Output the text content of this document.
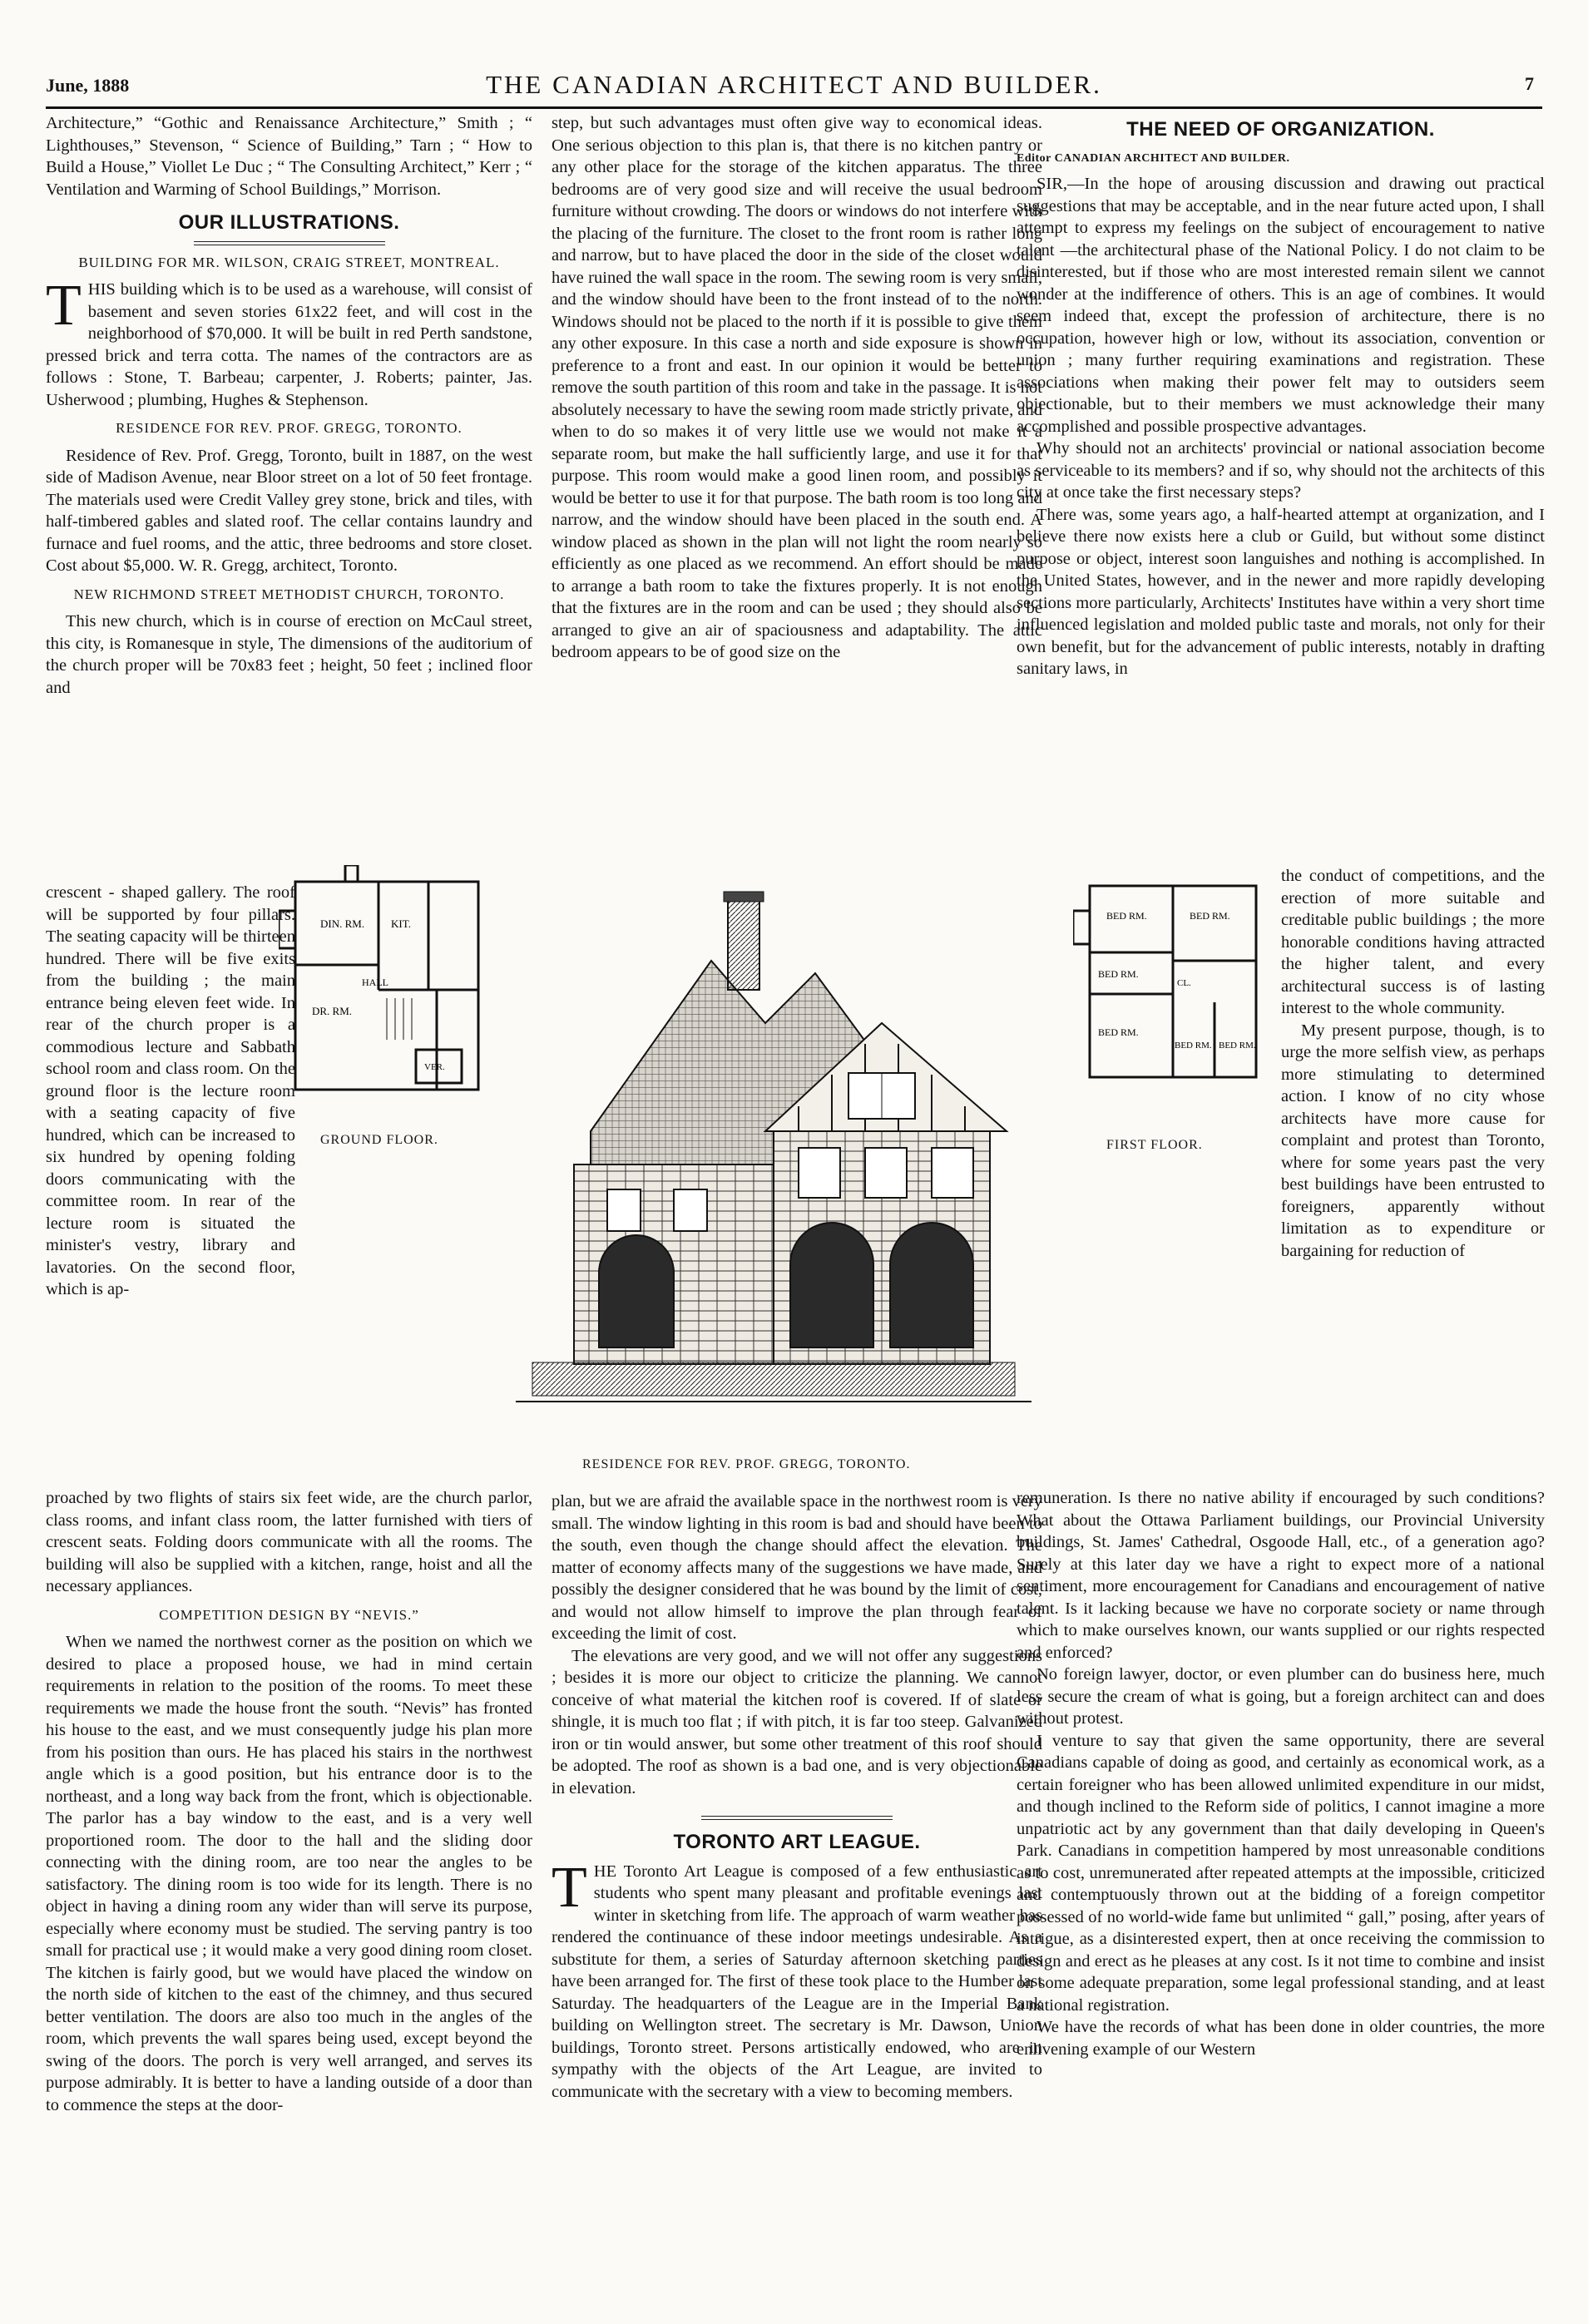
June, 1888	THE CANADIAN ARCHITECT AND BUILDER.	7

Architecture,” “Gothic and Renaissance Architecture,” Smith ; “ Lighthouses,” Stevenson, “ Science of Building,” Tarn ; “ How to Build a House,” Viollet Le Duc ; “ The Consulting Architect,” Kerr ; “ Ventilation and Warming of School Buildings,” Morrison.

OUR ILLUSTRATIONS.
BUILDING FOR MR. WILSON, CRAIG STREET, MONTREAL.

THIS building which is to be used as a warehouse, will consist of basement and seven stories 61x22 feet, and will cost in the neighborhood of $70,000. It will be built in red Perth sandstone, pressed brick and terra cotta. The names of the contractors are as follows : Stone, T. Barbeau; carpenter, J. Roberts; painter, Jas. Usherwood ; plumbing, Hughes & Stephenson.

RESIDENCE FOR REV. PROF. GREGG, TORONTO.

Residence of Rev. Prof. Gregg, Toronto, built in 1887, on the west side of Madison Avenue, near Bloor street on a lot of 50 feet frontage. The materials used were Credit Valley grey stone, brick and tiles, with half-timbered gables and slated roof. The cellar contains laundry and furnace and fuel rooms, and the attic, three bedrooms and store closet. Cost about $5,000. W. R. Gregg, architect, Toronto.

NEW RICHMOND STREET METHODIST CHURCH, TORONTO.

This new church, which is in course of erection on McCaul street, this city, is Romanesque in style, The dimensions of the auditorium of the church proper will be 70x83 feet ; height, 50 feet ; inclined floor and

crescent - shaped gallery. The roof will be supported by four pillars. The seating capacity will be thirteen hundred. There will be five exits from the building ; the main entrance being eleven feet wide. In rear of the church proper is a commodious lecture and Sabbath school room and class room. On the ground floor is the lecture room with a seating capacity of five hundred, which can be increased to six hundred by opening folding doors communicating with the committee room. In rear of the lecture room is situated the minister's vestry, library and lavatories. On the second floor, which is ap-

proached by two flights of stairs six feet wide, are the church parlor, class rooms, and infant class room, the latter furnished with tiers of crescent seats. Folding doors communicate with all the rooms. The building will also be supplied with a kitchen, range, hoist and all the necessary appliances.

COMPETITION DESIGN BY “NEVIS.”

When we named the northwest corner as the position on which we desired to place a proposed house, we had in mind certain requirements in relation to the position of the rooms. To meet these requirements we made the house front the south. “Nevis” has fronted his house to the east, and we must consequently judge his plan more from his position than ours. He has placed his stairs in the northwest angle which is a good position, but his entrance door is to the northeast, and a long way back from the front, which is objectionable. The parlor has a bay window to the east, and is a very well proportioned room. The door to the hall and the sliding door connecting with the dining room, are too near the angles to be satisfactory. The dining room is too wide for its length. There is no object in having a dining room any wider than will serve its purpose, especially where economy must be studied. The serving pantry is too small for practical use ; it would make a very good dining room closet. The kitchen is fairly good, but we would have placed the window on the north side of kitchen to the east of the chimney, and thus secured better ventilation. The doors are also too much in the angles of the room, which prevents the wall spares being used, except beyond the swing of the doors. The porch is very well arranged, and serves its purpose admirably. It is better to have a landing outside of a door than to commence the steps at the door-

step, but such advantages must often give way to economical ideas. One serious objection to this plan is, that there is no kitchen pantry or any other place for the storage of the kitchen apparatus. The three bedrooms are of very good size and will receive the usual bedroom furniture without crowding. The doors or windows do not interfere with the placing of the furniture. The closet to the front room is rather long and narrow, but to have placed the door in the side of the closet would have ruined the wall space in the room. The sewing room is very small, and the window should have been to the front instead of to the north. Windows should not be placed to the north if it is possible to give them any other exposure. In this case a north and side exposure is shown in preference to a front and east. In our opinion it would be better to remove the south partition of this room and take in the passage. It is not absolutely necessary to have the sewing room made strictly private, and when to do so makes it of very little use we would not make it a separate room, but make the hall sufficiently large, and use it for that purpose. This room would make a good linen room, and possibly it would be better to use it for that purpose. The bath room is too long and narrow, and the window should have been placed in the south end. A window placed as shown in the plan will not light the room nearly so efficiently as one placed as we recommend. An effort should be made to arrange a bath room to take the fixtures properly. It is not enough that the fixtures are in the room and can be used ; they should also be arranged to give an air of spaciousness and adaptability. The attic bedroom appears to be of good size on the

plan, but we are afraid the available space in the northwest room is very small. The window lighting in this room is bad and should have been to the south, even though the change should affect the elevation. The matter of economy affects many of the suggestions we have made, and possibly the designer considered that he was bound by the limit of cost, and would not allow himself to improve the plan through fear of exceeding the limit of cost.

The elevations are very good, and we will not offer any suggestions ; besides it is more our object to criticize the planning. We cannot conceive of what material the kitchen roof is covered. If of slate or shingle, it is much too flat ; if with pitch, it is far too steep. Galvanized iron or tin would answer, but some other treatment of this roof should be adopted. The roof as shown is a bad one, and is very objectionable in elevation.

TORONTO ART LEAGUE.

THE Toronto Art League is composed of a few enthusiastic art students who spent many pleasant and profitable evenings last winter in sketching from life. The approach of warm weather has rendered the continuance of these indoor meetings undesirable. As a substitute for them, a series of Saturday afternoon sketching parties have been arranged for. The first of these took place to the Humber last Saturday. The headquarters of the League are in the Imperial Bank building on Wellington street. The secretary is Mr. Dawson, Union buildings, Toronto street. Persons artistically endowed, who are in sympathy with the objects of the Art League, are invited to communicate with the secretary with a view to becoming members.

THE NEED OF ORGANIZATION.
Editor CANADIAN ARCHITECT AND BUILDER.

SIR,—In the hope of arousing discussion and drawing out practical suggestions that may be acceptable, and in the near future acted upon, I shall attempt to express my feelings on the subject of encouragement to native talent —the architectural phase of the National Policy. I do not claim to be disinterested, but if those who are most interested remain silent we cannot wonder at the indifference of others. This is an age of combines. It would seem indeed that, except the profession of architecture, there is no occupation, however high or low, without its association, convention or union ; many further requiring examinations and registration. These associations when making their power felt may to outsiders seem objectionable, but to their members we must acknowledge their many accomplished and possible prospective advantages.

Why should not an architects' provincial or national association become as serviceable to its members? and if so, why should not the architects of this city at once take the first necessary steps?

There was, some years ago, a half-hearted attempt at organization, and I believe there now exists here a club or Guild, but without some distinct purpose or object, interest soon languishes and nothing is accomplished. In the United States, however, and in the newer and more rapidly developing sections more particularly, Architects' Institutes have within a very short time influenced legislation and molded public taste and morals, not only for their own benefit, but for the advancement of public interests, notably in drafting sanitary laws, in

the conduct of competitions, and the erection of more suitable and creditable public buildings ; the more honorable conditions having attracted the higher talent, and every architectural success is of lasting interest to the whole community.

My present purpose, though, is to urge the more selfish view, as perhaps more stimulating to determined action. I know of no city whose architects have more cause for complaint and protest than Toronto, where for some years past the very best buildings have been entrusted to foreigners, apparently without limitation as to expenditure or bargaining for reduction of

remuneration. Is there no native ability if encouraged by such conditions? What about the Ottawa Parliament buildings, our Provincial University buildings, St. James' Cathedral, Osgoode Hall, etc., of a generation ago? Surely at this later day we have a right to expect more of a national sentiment, more encouragement for Canadians and encouragement of native talent. Is it lacking because we have no corporate society or name through which to make ourselves known, our wants supplied or our rights respected and enforced?

No foreign lawyer, doctor, or even plumber can do business here, much less secure the cream of what is going, but a foreign architect can and does without protest.

I venture to say that given the same opportunity, there are several Canadians capable of doing as good, and certainly as economical work, as a certain foreigner who has been allowed unlimited expenditure in our midst, and though inclined to the Reform side of politics, I cannot imagine a more unpatriotic act by any government than that daily developing in Queen's Park. Canadians in competition hampered by most unreasonable conditions as to cost, unremunerated after repeated attempts at the impossible, criticized and contemptuously thrown out at the bidding of a foreign competitor possessed of no world-wide fame but unlimited “ gall,” posing, after years of intrigue, as a disinterested expert, then at once receiving the commission to design and erect as he pleases at any cost. Is it not time to combine and insist on some adequate preparation, some legal professional standing, and at least a national registration.

We have the records of what has been done in older countries, the more enlivening example of our Western

DIN. RM. KIT.
HALL
DR. RM.
VER.
GROUND FLOOR.
RESIDENCE FOR REV. PROF. GREGG, TORONTO.
BED RM.	BED RM.
BED RM.
CL.
BED RM.
BED RM. BED RM.
FIRST FLOOR.
